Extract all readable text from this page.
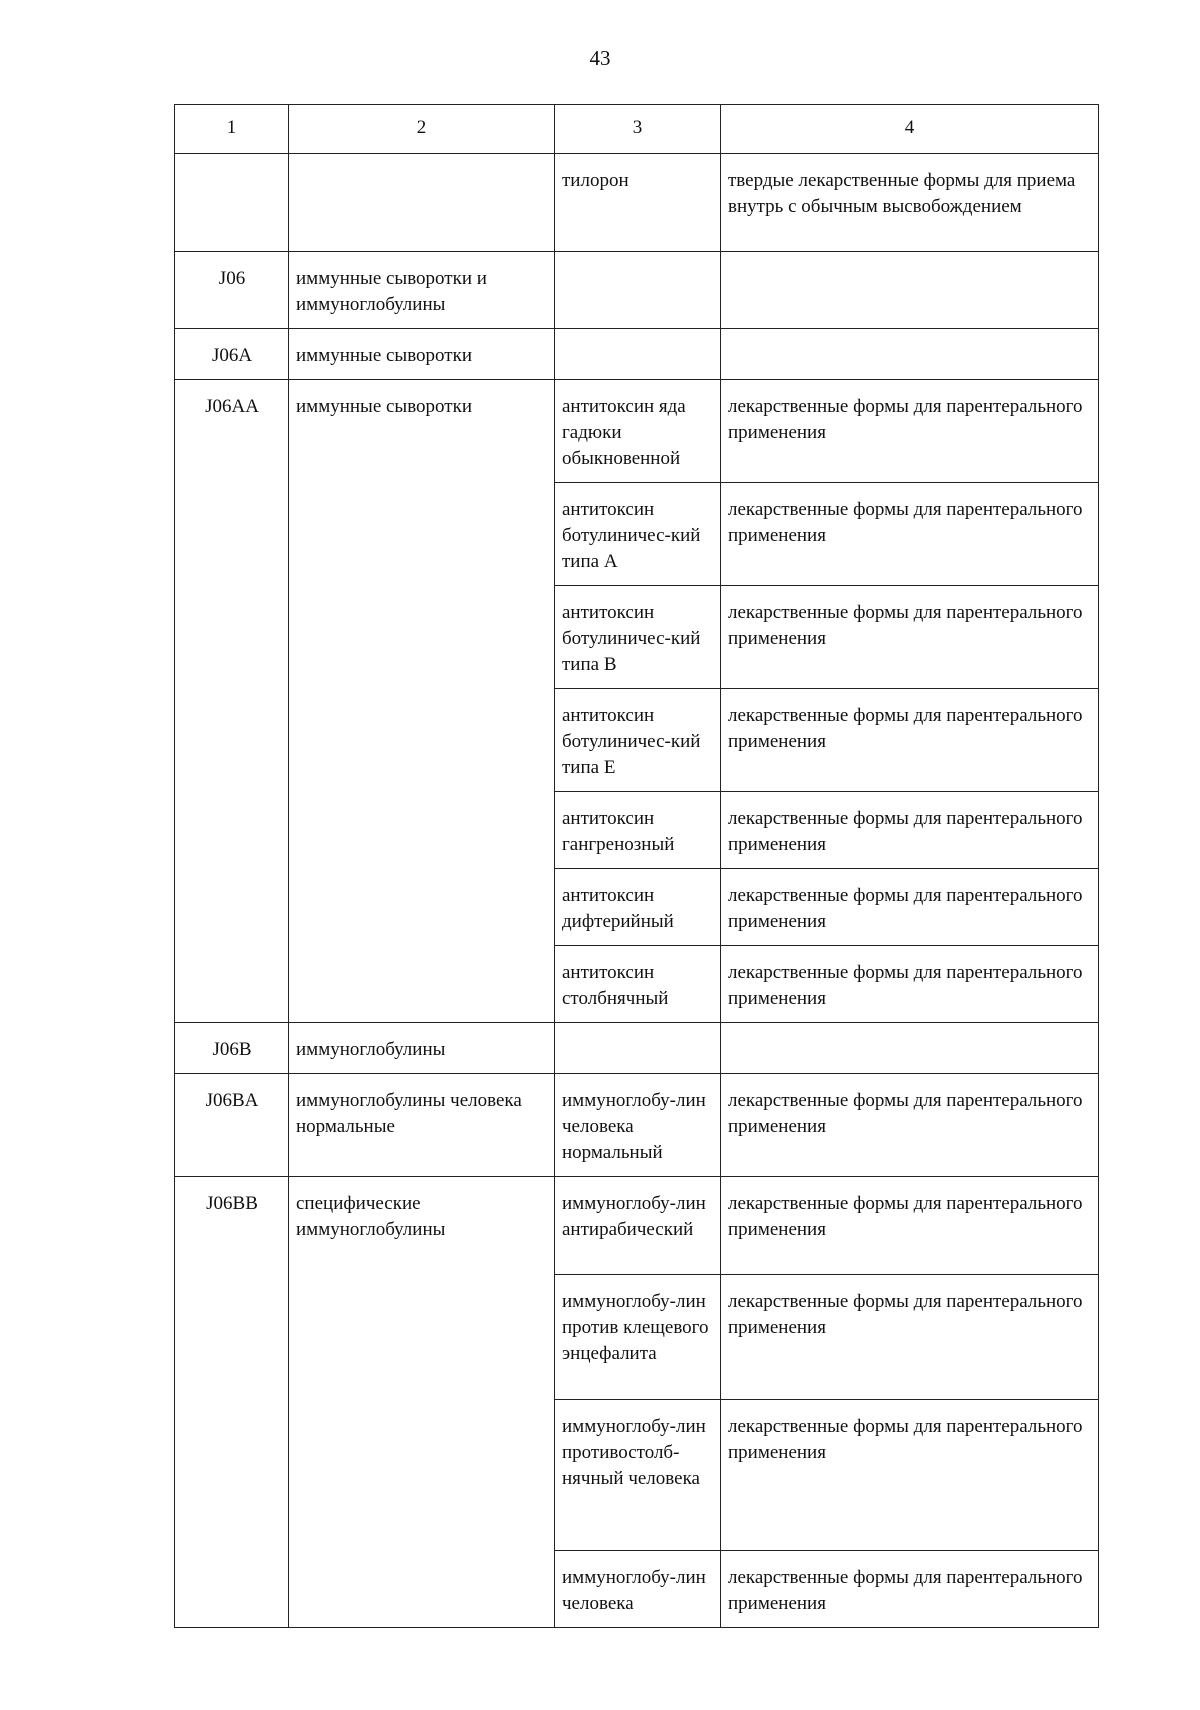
43
1	2	3	4
		тилорон	твердые лекарственные формы для приема внутрь с обычным высвобождением
J06	иммунные сыворотки и иммуноглобулины		
J06A	иммунные сыворотки		
J06AA	иммунные сыворотки	антитоксин яда гадюки обыкновенной	лекарственные формы для парентерального применения
		антитоксин ботулиничес-кий типа А	лекарственные формы для парентерального применения
		антитоксин ботулиничес-кий типа В	лекарственные формы для парентерального применения
		антитоксин ботулиничес-кий типа Е	лекарственные формы для парентерального применения
		антитоксин гангренозный	лекарственные формы для парентерального применения
		антитоксин дифтерийный	лекарственные формы для парентерального применения
		антитоксин столбнячный	лекарственные формы для парентерального применения
J06B	иммуноглобулины		
J06BA	иммуноглобулины человека нормальные	иммуноглобу-лин человека нормальный	лекарственные формы для парентерального применения
J06BB	специфические иммуноглобулины	иммуноглобу-лин антирабический	лекарственные формы для парентерального применения
		иммуноглобу-лин против клещевого энцефалита	лекарственные формы для парентерального применения
		иммуноглобу-лин противостолб-нячный человека	лекарственные формы для парентерального применения
		иммуноглобу-лин человека	лекарственные формы для парентерального применения
